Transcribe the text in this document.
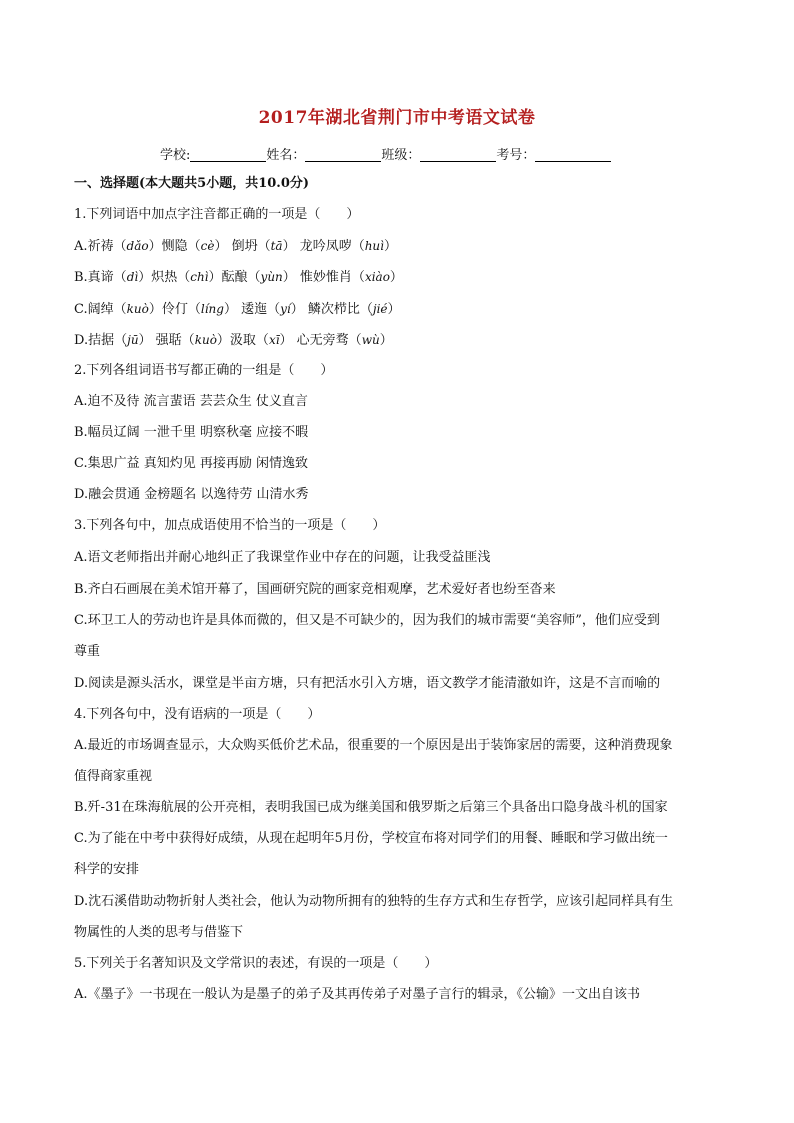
2017年湖北省荆门市中考语文试卷
学校:	姓名：	班级：	考号：
一、选择题(本大题共5小题，共10.0分)
1.下列词语中加点字注音都正确的一项是（　　）
A.祈祷（dǎo）恻隐（cè） 倒坍（tā） 龙吟凤哕（huì）
B.真谛（dì）炽热（chì）酝酿（yùn） 惟妙惟肖（xiào）
C.阔绰（kuò）伶仃（líng） 逶迤（yí） 鳞次栉比（jié）
D.拮据（jū） 强聒（kuò）汲取（xī） 心无旁骛（wù）
2.下列各组词语书写都正确的一组是（　　）
A.迫不及待 流言蜚语 芸芸众生 仗义直言
B.幅员辽阔 一泄千里 明察秋毫 应接不暇
C.集思广益 真知灼见 再接再励 闲情逸致
D.融会贯通 金榜题名 以逸待劳 山清水秀
3.下列各句中，加点成语使用不恰当的一项是（　　）
A.语文老师指出并耐心地纠正了我课堂作业中存在的问题，让我受益匪浅
B.齐白石画展在美术馆开幕了，国画研究院的画家竞相观摩，艺术爱好者也纷至沓来
C.环卫工人的劳动也许是具体而微的，但又是不可缺少的，因为我们的城市需要“美容师”，他们应受到
尊重
D.阅读是源头活水，课堂是半亩方塘，只有把活水引入方塘，语文教学才能清澈如许，这是不言而喻的
4.下列各句中，没有语病的一项是（　　）
A.最近的市场调查显示，大众购买低价艺术品，很重要的一个原因是出于装饰家居的需要，这种消费现象
值得商家重视
B.歼-31在珠海航展的公开亮相，表明我国已成为继美国和俄罗斯之后第三个具备出口隐身战斗机的国家
C.为了能在中考中获得好成绩，从现在起明年5月份，学校宣布将对同学们的用餐、睡眠和学习做出统一
科学的安排
D.沈石溪借助动物折射人类社会，他认为动物所拥有的独特的生存方式和生存哲学，应该引起同样具有生
物属性的人类的思考与借鉴下
5.下列关于名著知识及文学常识的表述，有误的一项是（　　）
A.《墨子》一书现在一般认为是墨子的弟子及其再传弟子对墨子言行的辑录，《公输》一文出自该书
